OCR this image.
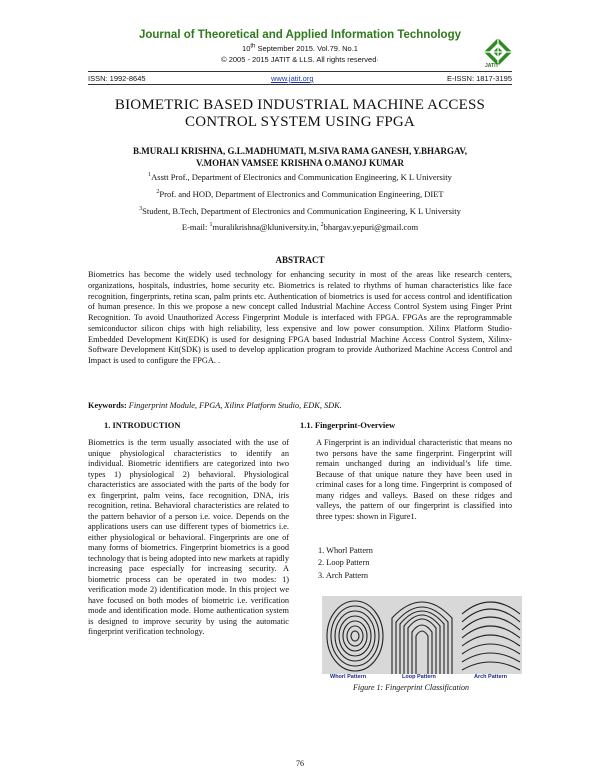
Journal of Theoretical and Applied Information Technology
10th September 2015. Vol.79. No.1
© 2005 - 2015 JATIT & LLS. All rights reserved·
JATIT
ISSN: 1992-8645	www.jatit.org	E-ISSN: 1817-3195
BIOMETRIC BASED INDUSTRIAL MACHINE ACCESS
CONTROL SYSTEM USING FPGA
B.MURALI KRISHNA, G.L.MADHUMATI, M.SIVA RAMA GANESH, Y.BHARGAV,
V.MOHAN VAMSEE KRISHNA O.MANOJ KUMAR
$^1$Asstt Prof., Department of Electronics and Communication Engineering, K L University
$^2$Prof. and HOD, Department of Electronics and Communication Engineering, DIET
$^3$Student, B.Tech, Department of Electronics and Communication Engineering, K L University
E-mail: $^1$muralikrishna@kluniversity.in, $^2$bhargav.yepuri@gmail.com
ABSTRACT
Biometrics has become the widely used technology for enhancing security in most of the areas like research centers, organizations, hospitals, industries, home security etc. Biometrics is related to rhythms of human characteristics like face recognition, fingerprints, retina scan, palm prints etc. Authentication of biometrics is used for access control and identification of human presence. In this we propose a new concept called Industrial Machine Access Control System using Finger Print Recognition. To avoid Unauthorized Access Fingerprint Module is interfaced with FPGA. FPGAs are the reprogrammable semiconductor silicon chips with high reliability, less expensive and low power consumption. Xilinx Platform Studio- Embedded Development Kit(EDK) is used for designing FPGA based Industrial Machine Access Control System, Xilinx- Software Development Kit(SDK) is used to develop application program to provide Authorized Machine Access Control and Impact is used to configure the FPGA. .
Keywords: Fingerprint Module, FPGA, Xilinx Platform Studio, EDK, SDK.
1. INTRODUCTION	1.1. Fingerprint-Overview
Biometrics is the term usually associated with the use of unique physiological characteristics to identify an individual. Biometric identifiers are categorized into two types 1) physiological 2) behavioral. Physiological characteristics are associated with the parts of the body for ex fingerprint, palm veins, face recognition, DNA, iris recognition, retina. Behavioral characteristics are related to the pattern behavior of a person i.e. voice. Depends on the applications users can use different types of biometrics i.e. either physiological or behavioral. Fingerprints are one of many forms of biometrics. Fingerprint biometrics is a good technology that is being adopted into new markets at rapidly increasing pace especially for increasing security. A biometric process can be operated in two modes: 1) verification mode 2) identification mode. In this project we have focused on both modes of biometric i.e. verification mode and identification mode. Home authentication system is designed to improve security by using the automatic fingerprint verification technology.
A Fingerprint is an individual characteristic that means no two persons have the same fingerprint. Fingerprint will remain unchanged during an individual’s life time. Because of that unique nature they have been used in criminal cases for a long time. Fingerprint is composed of many ridges and valleys. Based on these ridges and valleys, the pattern of our fingerprint is classified into three types: shown in Figure1.
1. Whorl Pattern
2. Loop Pattern
3. Arch Pattern
Whorl Pattern	Loop Pattern	Arch Pattern
Figure 1: Fingerprint Classification
76
